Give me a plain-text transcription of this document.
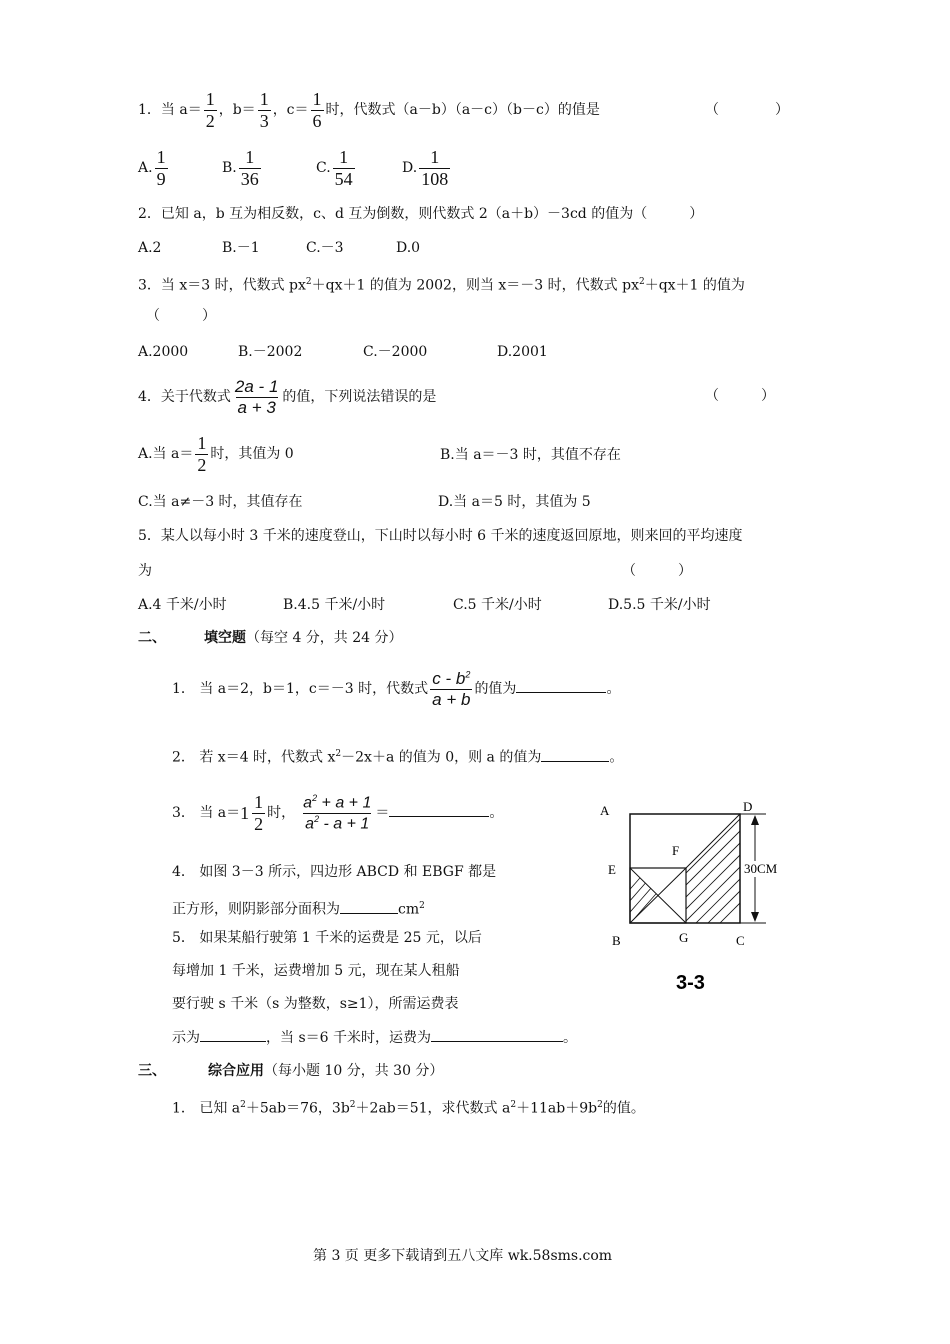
1．当 $a= \frac{1}{2}$ ，$b= \frac{1}{3}$ ，$c= \frac{1}{6}$ 时，代数式（a－b）（a－c）（b－c）的值是	（　　　　）
A. $\frac{1}{9}$	B. $\frac{1}{36}$	C. $\frac{1}{54}$	D. $\frac{1}{108}$
2．已知 a，b 互为相反数，c、d 互为倒数，则代数式 2（a＋b）－3cd 的值为（　　　）
A.2	B.－1	C.－3	D.0
3．当 x＝3 时，代数式 $px^2+qx+1$ 的值为 2002，则当 x＝－3 时，代数式 $px^2+qx+1$ 的值为
（　　　）
A.2000	B.－2002	C.－2000	D.2001
4．关于代数式 $\frac{2a - 1}{a + 3}$ 的值，下列说法错误的是	（　　　）
A.当 $a= \frac{1}{2}$ 时，其值为 0	B.当 a＝－3 时，其值不存在
C.当 a≠－3 时，其值存在	D.当 a＝5 时，其值为 5
5．某人以每小时 3 千米的速度登山，下山时以每小时 6 千米的速度返回原地，则来回的平均速度
为	（　　　）
A.4 千米/小时	B.4.5 千米/小时	C.5 千米/小时	D.5.5 千米/小时
二、	填空题（每空 4 分，共 24 分）
1． 当 a＝2，b＝1，c＝－3 时，代数式 $\frac{c - b^2}{a + b}$ 的值为	。
2． 若 x＝4 时，代数式 $x^2-2x+a$ 的值为 0，则 a 的值为	。
3． 当 $a= 1 \frac{1}{2}$ 时， $\frac{a^2 + a + 1}{a^2 - a + 1}$ ＝	。
4． 如图 3－3 所示，四边形 ABCD 和 EBGF 都是
正方形，则阴影部分面积为	$cm^2$
5． 如果某船行驶第 1 千米的运费是 25 元，以后
每增加 1 千米，运费增加 5 元，现在某人租船
要行驶 s 千米（s 为整数，s≥1），所需运费表
示为	，当 s＝6 千米时，运费为	。
30CM
A	D
F
E
B	G	C
3-3
三、	综合应用（每小题 10 分，共 30 分）
1． 已知 $a^2+5ab=76$，$3b^2+2ab=51$，求代数式 $a^2+11ab+9b^2$的值。
第 3 页 更多下载请到五八文库 wk.58sms.com
